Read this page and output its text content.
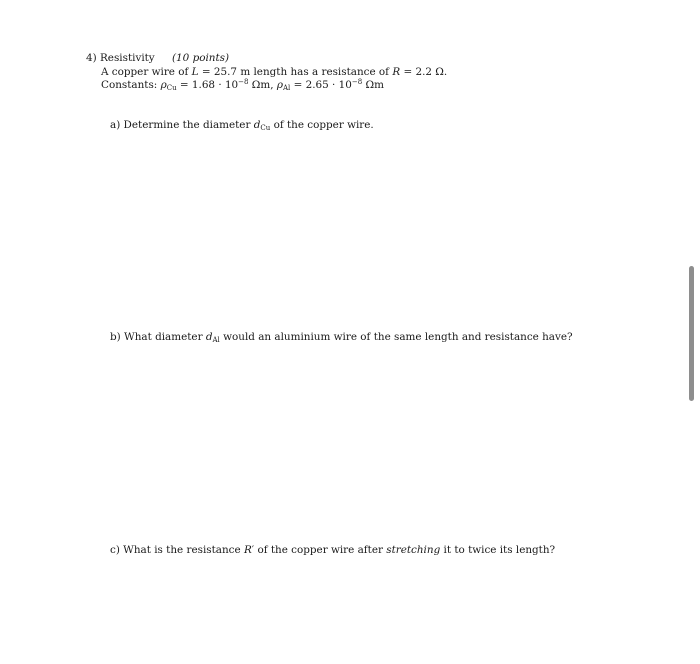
4) Resistivity (10 points)
A copper wire of L = 25.7 m length has a resistance of R = 2.2 Ω.
Constants: $\rho_{Cu} = 1.68 \cdot 10^{-8}$ Ωm, $\rho_{Al} = 2.65 \cdot 10^{-8}$ Ωm
a) Determine the diameter $d_{Cu}$ of the copper wire.
b) What diameter $d_{Al}$ would an aluminium wire of the same length and resistance have?
c) What is the resistance R′ of the copper wire after stretching it to twice its length?
